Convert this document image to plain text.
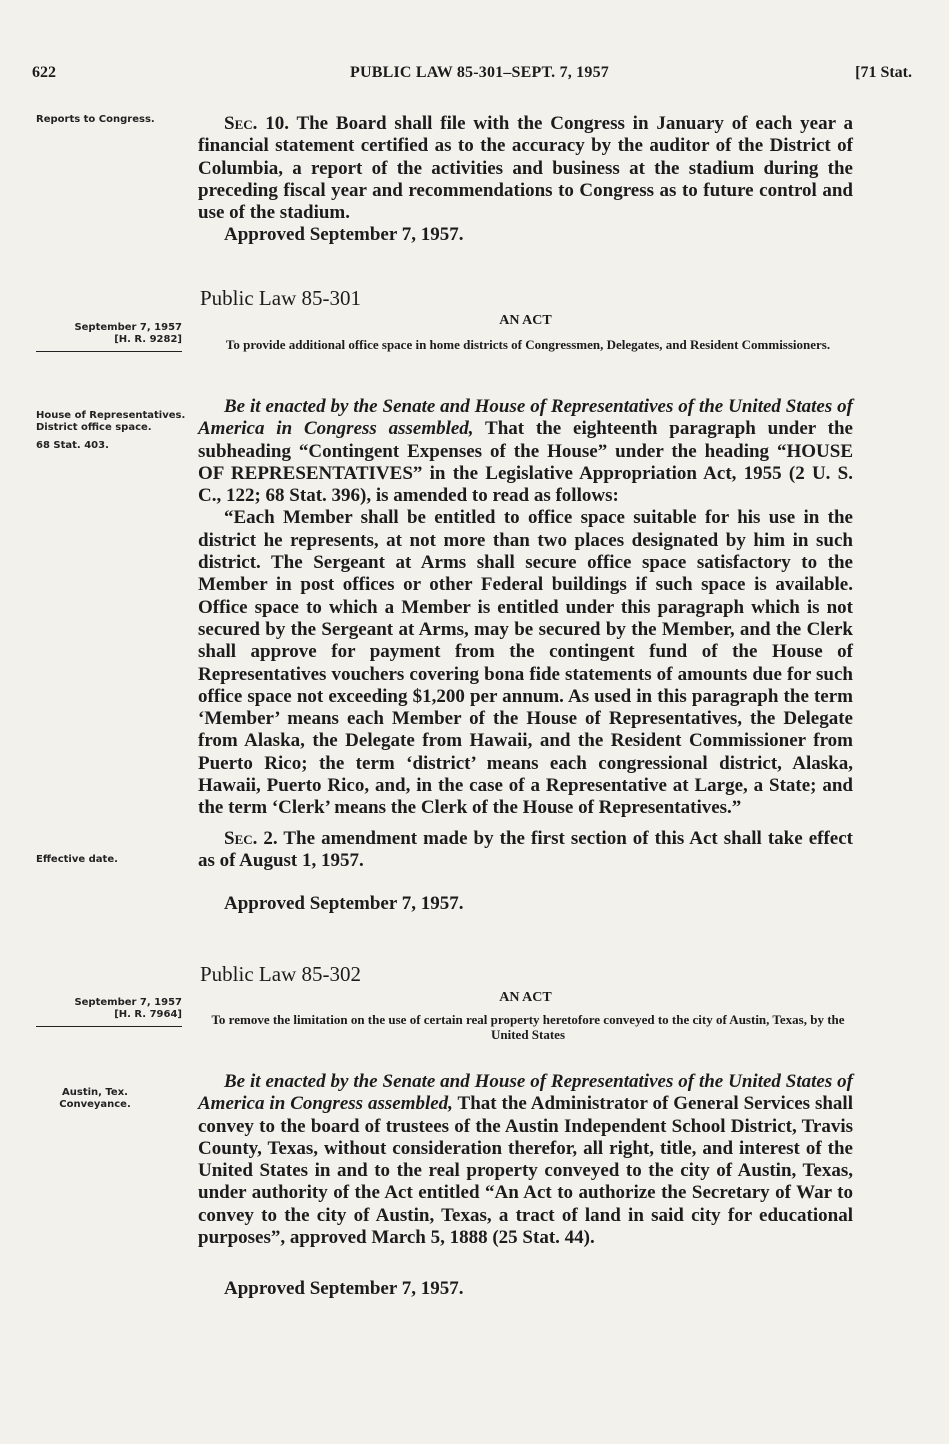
622	PUBLIC LAW 85-301–SEPT. 7, 1957	[71 Stat.
Reports to Congress.
September 7, 1957
[H. R. 9282]
House of Representatives.
District office space.
68 Stat. 403.
Effective date.
September 7, 1957
[H. R. 7964]
Austin, Tex.
Conveyance.

Sec. 10. The Board shall file with the Congress in January of each year a financial statement certified as to the accuracy by the auditor of the District of Columbia, a report of the activities and business at the stadium during the preceding fiscal year and recommendations to Congress as to future control and use of the stadium.

Approved September 7, 1957.
Public Law 85-301
AN ACT
To provide additional office space in home districts of Congressmen, Delegates, and Resident Commissioners.

Be it enacted by the Senate and House of Representatives of the United States of America in Congress assembled, That the eighteenth paragraph under the subheading “Contingent Expenses of the House” under the heading “HOUSE OF REPRESENTATIVES” in the Legislative Appropriation Act, 1955 (2 U. S. C., 122; 68 Stat. 396), is amended to read as follows:

“Each Member shall be entitled to office space suitable for his use in the district he represents, at not more than two places designated by him in such district. The Sergeant at Arms shall secure office space satisfactory to the Member in post offices or other Federal buildings if such space is available. Office space to which a Member is entitled under this paragraph which is not secured by the Sergeant at Arms, may be secured by the Member, and the Clerk shall approve for payment from the contingent fund of the House of Representatives vouchers covering bona fide statements of amounts due for such office space not exceeding $1,200 per annum. As used in this paragraph the term ‘Member’ means each Member of the House of Representatives, the Delegate from Alaska, the Delegate from Hawaii, and the Resident Commissioner from Puerto Rico; the term ‘district’ means each congressional district, Alaska, Hawaii, Puerto Rico, and, in the case of a Representative at Large, a State; and the term ‘Clerk’ means the Clerk of the House of Representatives.”

Sec. 2. The amendment made by the first section of this Act shall take effect as of August 1, 1957.

Approved September 7, 1957.
Public Law 85-302
AN ACT
To remove the limitation on the use of certain real property heretofore conveyed to the city of Austin, Texas, by the United States

Be it enacted by the Senate and House of Representatives of the United States of America in Congress assembled, That the Administrator of General Services shall convey to the board of trustees of the Austin Independent School District, Travis County, Texas, without consideration therefor, all right, title, and interest of the United States in and to the real property conveyed to the city of Austin, Texas, under authority of the Act entitled “An Act to authorize the Secretary of War to convey to the city of Austin, Texas, a tract of land in said city for educational purposes”, approved March 5, 1888 (25 Stat. 44).

Approved September 7, 1957.
